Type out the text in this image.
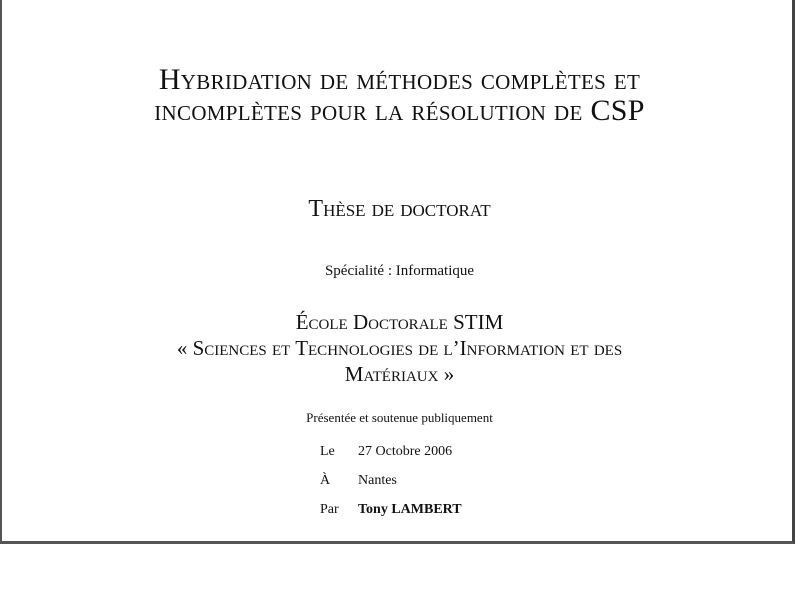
Hybridation de méthodes complètes et
incomplètes pour la résolution de CSP
Thèse de doctorat
Spécialité : Informatique
École Doctorale STIM
« Sciences et Technologies de l’Information et des
Matériaux »
Présentée et soutenue publiquement
Le	27 Octobre 2006
À	Nantes
Par	Tony LAMBERT
